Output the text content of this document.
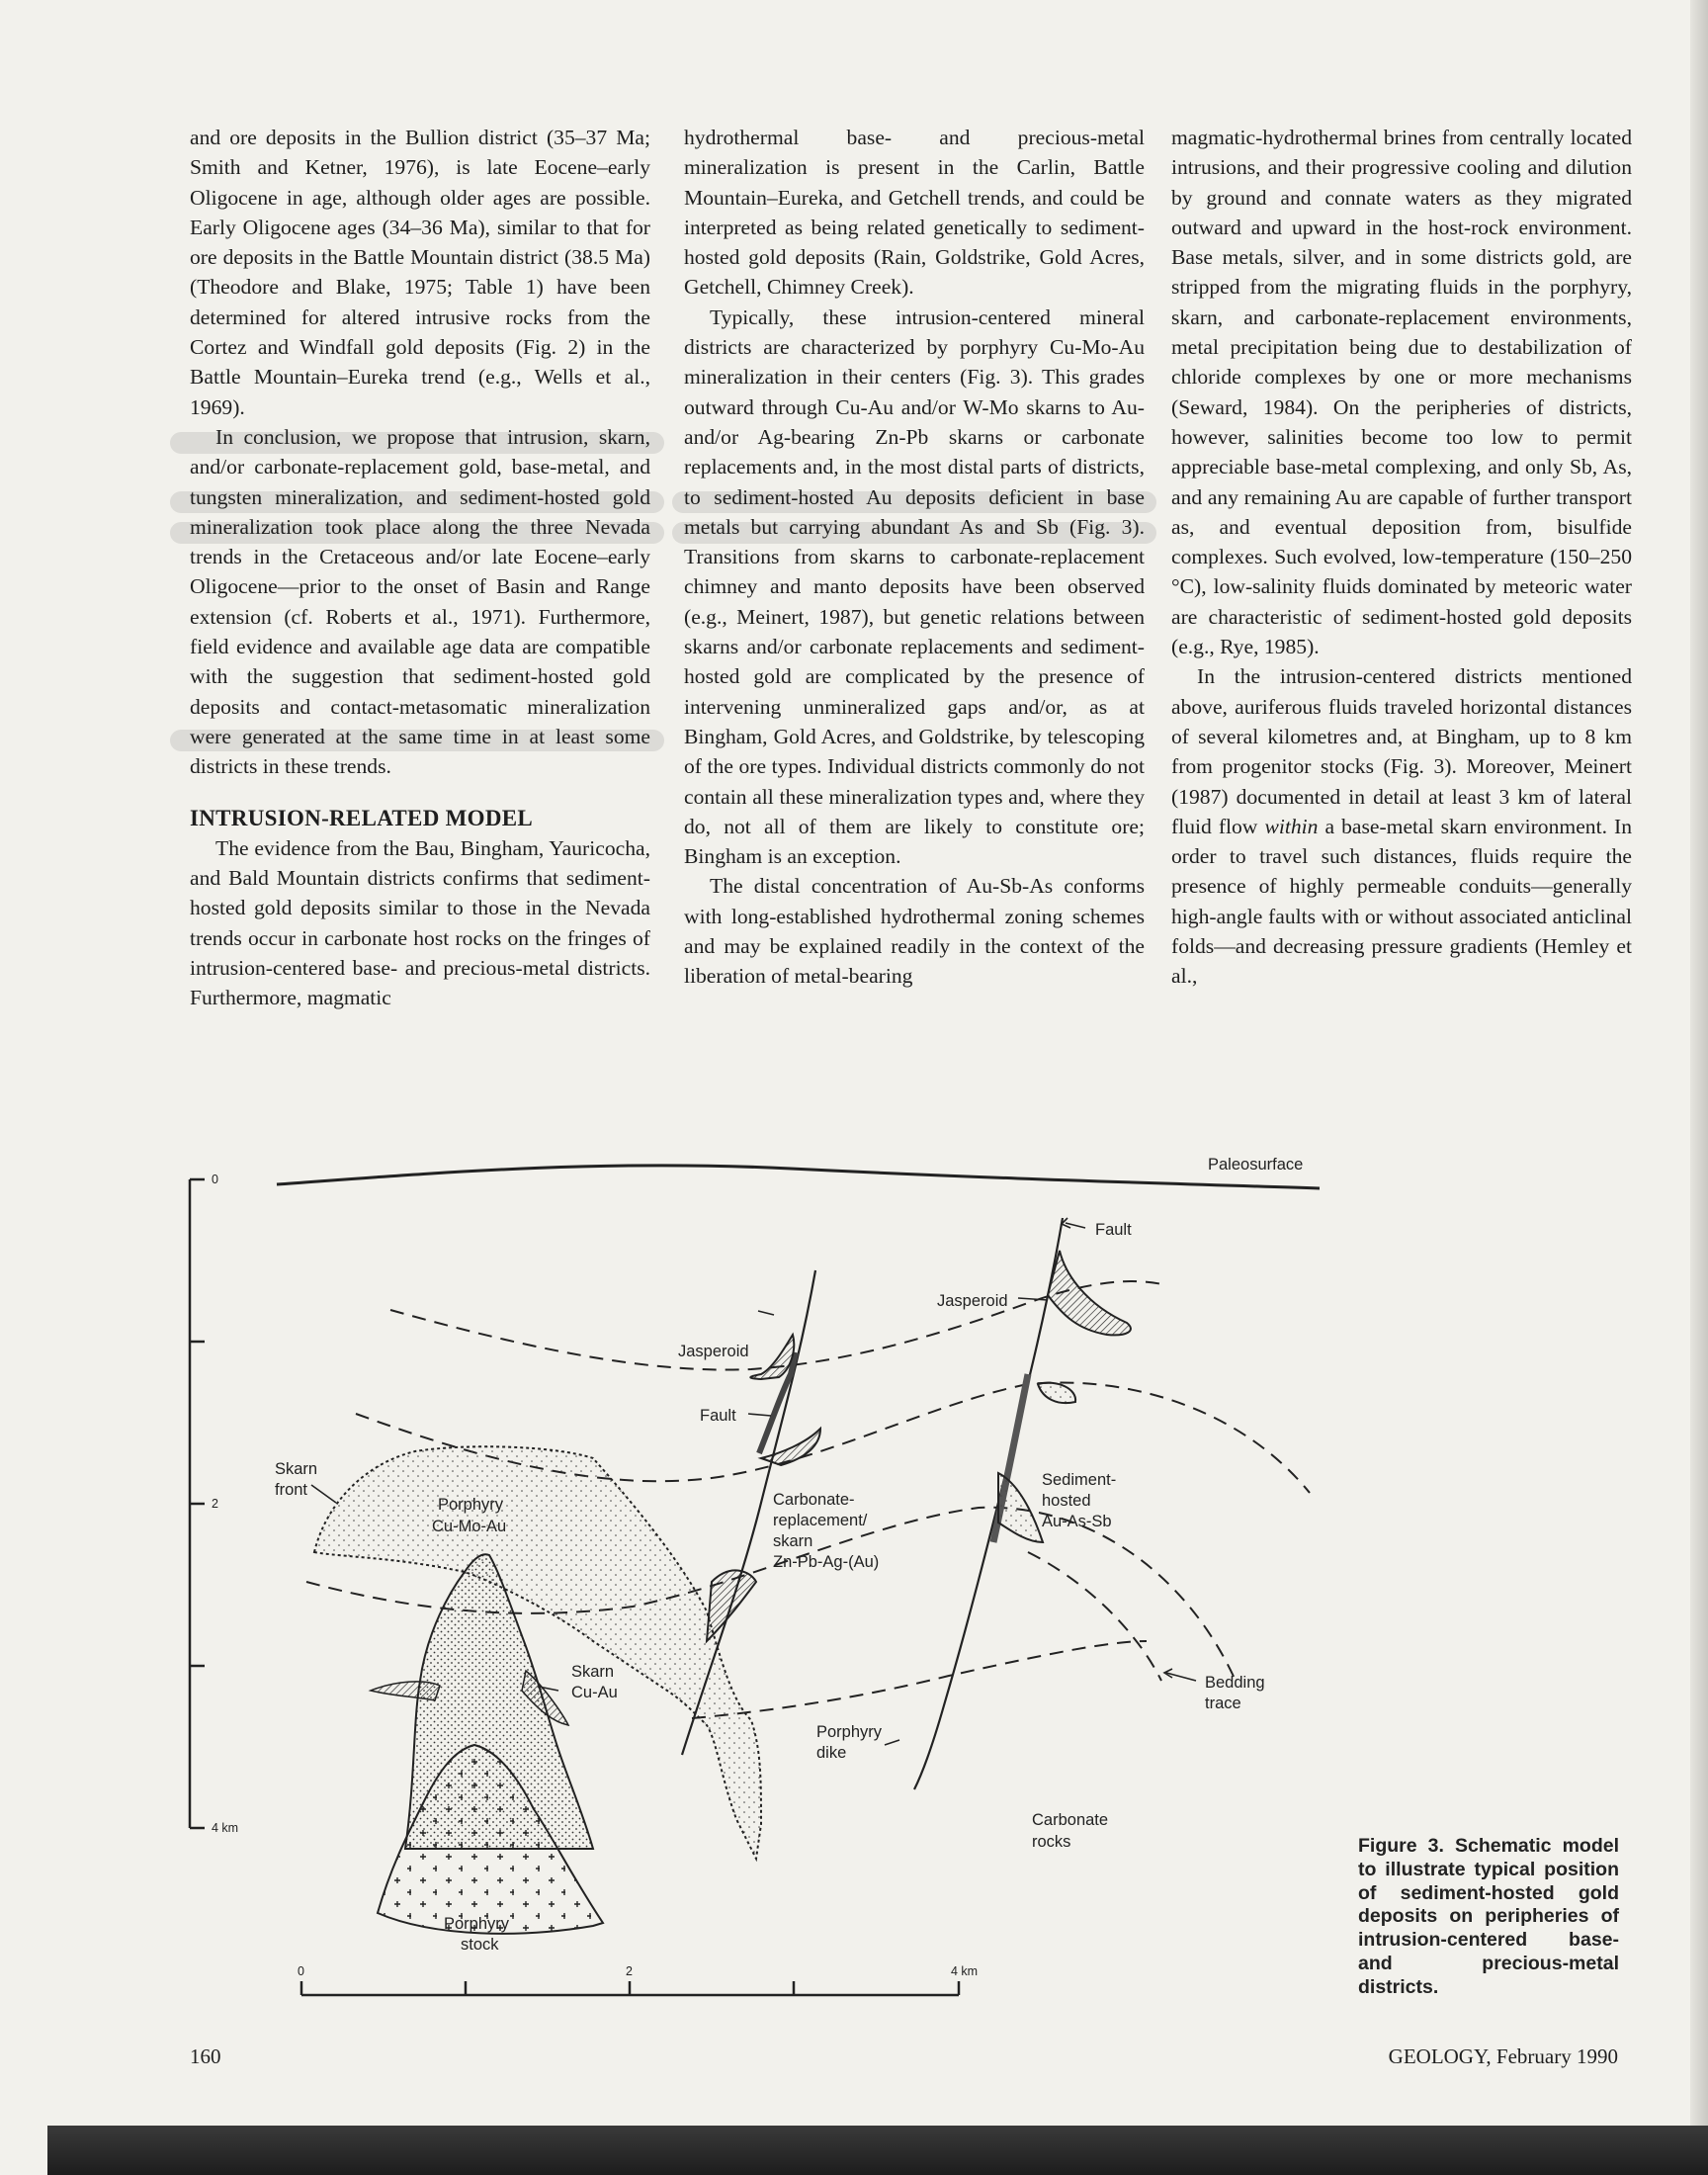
and ore deposits in the Bullion district (35–37 Ma; Smith and Ketner, 1976), is late Eocene–early Oligocene in age, although older ages are possible. Early Oligocene ages (34–36 Ma), similar to that for ore deposits in the Battle Mountain district (38.5 Ma) (Theodore and Blake, 1975; Table 1) have been determined for altered intrusive rocks from the Cortez and Windfall gold deposits (Fig. 2) in the Battle Mountain–Eureka trend (e.g., Wells et al., 1969).

In conclusion, we propose that intrusion, skarn, and/or carbonate-replacement gold, base-metal, and tungsten mineralization, and sediment-hosted gold mineralization took place along the three Nevada trends in the Cretaceous and/or late Eocene–early Oligocene—prior to the onset of Basin and Range extension (cf. Roberts et al., 1971). Furthermore, field evidence and available age data are compatible with the suggestion that sediment-hosted gold deposits and contact-metasomatic mineralization were generated at the same time in at least some districts in these trends.

INTRUSION-RELATED MODEL

The evidence from the Bau, Bingham, Yauricocha, and Bald Mountain districts confirms that sediment-hosted gold deposits similar to those in the Nevada trends occur in carbonate host rocks on the fringes of intrusion-centered base- and precious-metal districts. Furthermore, magmatic

hydrothermal base- and precious-metal mineralization is present in the Carlin, Battle Mountain–Eureka, and Getchell trends, and could be interpreted as being related genetically to sediment-hosted gold deposits (Rain, Goldstrike, Gold Acres, Getchell, Chimney Creek).

Typically, these intrusion-centered mineral districts are characterized by porphyry Cu-Mo-Au mineralization in their centers (Fig. 3). This grades outward through Cu-Au and/or W-Mo skarns to Au- and/or Ag-bearing Zn-Pb skarns or carbonate replacements and, in the most distal parts of districts, to sediment-hosted Au deposits deficient in base metals but carrying abundant As and Sb (Fig. 3). Transitions from skarns to carbonate-replacement chimney and manto deposits have been observed (e.g., Meinert, 1987), but genetic relations between skarns and/or carbonate replacements and sediment-hosted gold are complicated by the presence of intervening unmineralized gaps and/or, as at Bingham, Gold Acres, and Goldstrike, by telescoping of the ore types. Individual districts commonly do not contain all these mineralization types and, where they do, not all of them are likely to constitute ore; Bingham is an exception.

The distal concentration of Au-Sb-As conforms with long-established hydrothermal zoning schemes and may be explained readily in the context of the liberation of metal-bearing

magmatic-hydrothermal brines from centrally located intrusions, and their progressive cooling and dilution by ground and connate waters as they migrated outward and upward in the host-rock environment. Base metals, silver, and in some districts gold, are stripped from the migrating fluids in the porphyry, skarn, and carbonate-replacement environments, metal precipitation being due to destabilization of chloride complexes by one or more mechanisms (Seward, 1984). On the peripheries of districts, however, salinities become too low to permit appreciable base-metal complexing, and only Sb, As, and any remaining Au are capable of further transport as, and eventual deposition from, bisulfide complexes. Such evolved, low-temperature (150–250 °C), low-salinity fluids dominated by meteoric water are characteristic of sediment-hosted gold deposits (e.g., Rye, 1985).

In the intrusion-centered districts mentioned above, auriferous fluids traveled horizontal distances of several kilometres and, at Bingham, up to 8 km from progenitor stocks (Fig. 3). Moreover, Meinert (1987) documented in detail at least 3 km of lateral fluid flow within a base-metal skarn environment. In order to travel such distances, fluids require the presence of highly permeable conduits—generally high-angle faults with or without associated anticlinal folds—and decreasing pressure gradients (Hemley et al.,

0
2
4 km
0	2	4 km
Paleosurface
Fault
Fault
Jasperoid
Jasperoid
Skarn
front
Porphyry
Cu-Mo-Au
Carbonate-
replacement/
skarn
Zn-Pb-Ag-(Au)
Sediment-
hosted
Au-As-Sb
Skarn
Cu-Au
Bedding
trace
Porphyry
dike
Carbonate
rocks
Porphyry
stock
Figure 3. Schematic model to illustrate typical position of sediment-hosted gold deposits on peripheries of intrusion-centered base- and precious-metal districts.
160	GEOLOGY, February 1990
